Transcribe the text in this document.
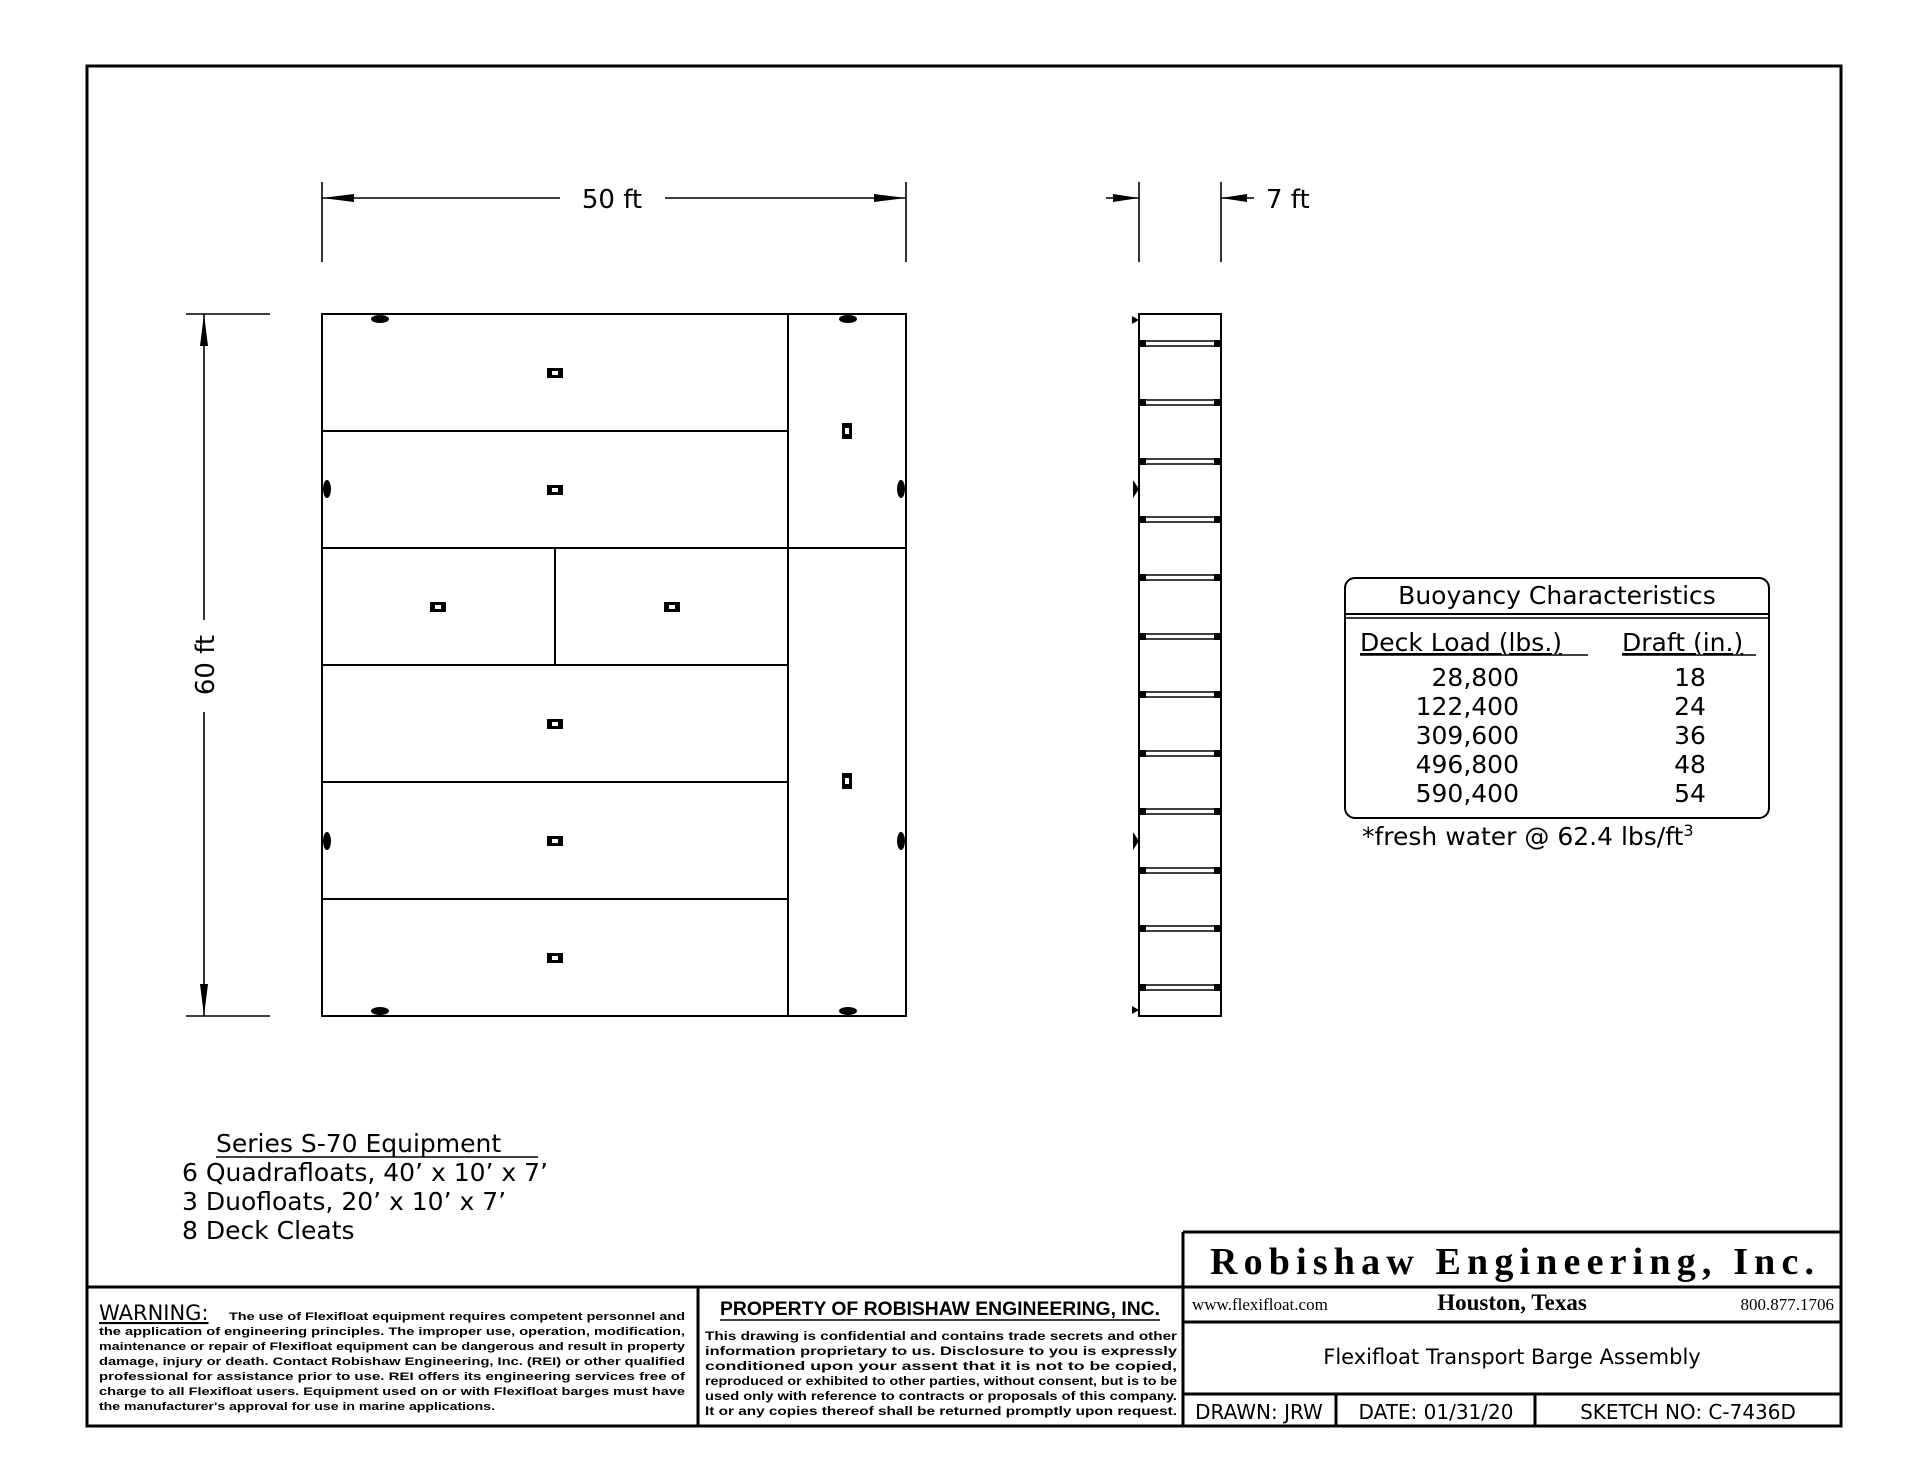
50 ft	7 ft
60 ft
Buoyancy Characteristics
Deck Load (lbs.) Draft (in.)
28,800	18
122,400	24
309,600	36
496,800	48
590,400	54
*fresh water @ 62.4 lbs/$ft^3$
Series S-70 Equipment
6 Quadrafloats, 40’ x 10’ x 7’
3 Duofloats, 20’ x 10’ x 7’
8 Deck Cleats
WARNING: The use of Flexifloat equipment requires competent personnel and
the application of engineering principles. The improper use, operation, modification,
maintenance or repair of Flexifloat equipment can be dangerous and result in property
damage, injury or death. Contact Robishaw Engineering, Inc. (REI) or other qualified
professional for assistance prior to use. REI offers its engineering services free of
charge to all Flexifloat users. Equipment used on or with Flexifloat barges must have
the manufacturer's approval for use in marine applications.
PROPERTY OF ROBISHAW ENGINEERING, INC.
This drawing is confidential and contains trade secrets and other
information proprietary to us. Disclosure to you is expressly
conditioned upon your assent that it is not to be copied,
reproduced or exhibited to other parties, without consent, but is to be
used only with reference to contracts or proposals of this company.
It or any copies thereof shall be returned promptly upon request.
Robishaw Engineering, Inc.
www.flexifloat.com	Houston, Texas	800.877.1706
Flexifloat Transport Barge Assembly
DRAWN: JRW DATE: 01/31/20	SKETCH NO: C-7436D
